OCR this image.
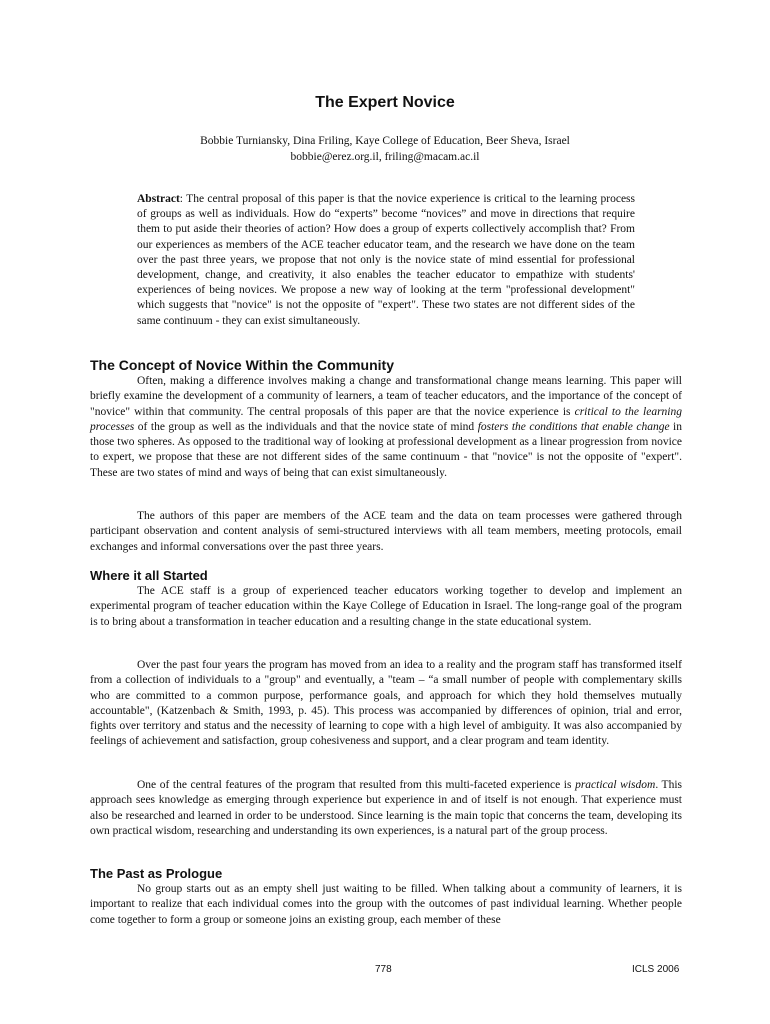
The Expert Novice
Bobbie Turniansky, Dina Friling, Kaye College of Education, Beer Sheva, Israel
bobbie@erez.org.il, friling@macam.ac.il
Abstract: The central proposal of this paper is that the novice experience is critical to the learning process of groups as well as individuals. How do “experts” become “novices” and move in directions that require them to put aside their theories of action? How does a group of experts collectively accomplish that? From our experiences as members of the ACE teacher educator team, and the research we have done on the team over the past three years, we propose that not only is the novice state of mind essential for professional development, change, and creativity, it also enables the teacher educator to empathize with students' experiences of being novices. We propose a new way of looking at the term "professional development" which suggests that "novice" is not the opposite of "expert". These two states are not different sides of the same continuum - they can exist simultaneously.
The Concept of Novice Within the Community

Often, making a difference involves making a change and transformational change means learning. This paper will briefly examine the development of a community of learners, a team of teacher educators, and the importance of the concept of "novice" within that community. The central proposals of this paper are that the novice experience is critical to the learning processes of the group as well as the individuals and that the novice state of mind fosters the conditions that enable change in those two spheres. As opposed to the traditional way of looking at professional development as a linear progression from novice to expert, we propose that these are not different sides of the same continuum - that "novice" is not the opposite of "expert". These are two states of mind and ways of being that can exist simultaneously.

The authors of this paper are members of the ACE team and the data on team processes were gathered through participant observation and content analysis of semi-structured interviews with all team members, meeting protocols, email exchanges and informal conversations over the past three years.

Where it all Started

The ACE staff is a group of experienced teacher educators working together to develop and implement an experimental program of teacher education within the Kaye College of Education in Israel. The long-range goal of the program is to bring about a transformation in teacher education and a resulting change in the state educational system.

Over the past four years the program has moved from an idea to a reality and the program staff has transformed itself from a collection of individuals to a "group" and eventually, a "team – “a small number of people with complementary skills who are committed to a common purpose, performance goals, and approach for which they hold themselves mutually accountable", (Katzenbach & Smith, 1993, p. 45). This process was accompanied by differences of opinion, trial and error, fights over territory and status and the necessity of learning to cope with a high level of ambiguity. It was also accompanied by feelings of achievement and satisfaction, group cohesiveness and support, and a clear program and team identity.

One of the central features of the program that resulted from this multi-faceted experience is practical wisdom. This approach sees knowledge as emerging through experience but experience in and of itself is not enough. That experience must also be researched and learned in order to be understood. Since learning is the main topic that concerns the team, developing its own practical wisdom, researching and understanding its own experiences, is a natural part of the group process.

The Past as Prologue

No group starts out as an empty shell just waiting to be filled. When talking about a community of learners, it is important to realize that each individual comes into the group with the outcomes of past individual learning. Whether people come together to form a group or someone joins an existing group, each member of these

778	ICLS 2006
